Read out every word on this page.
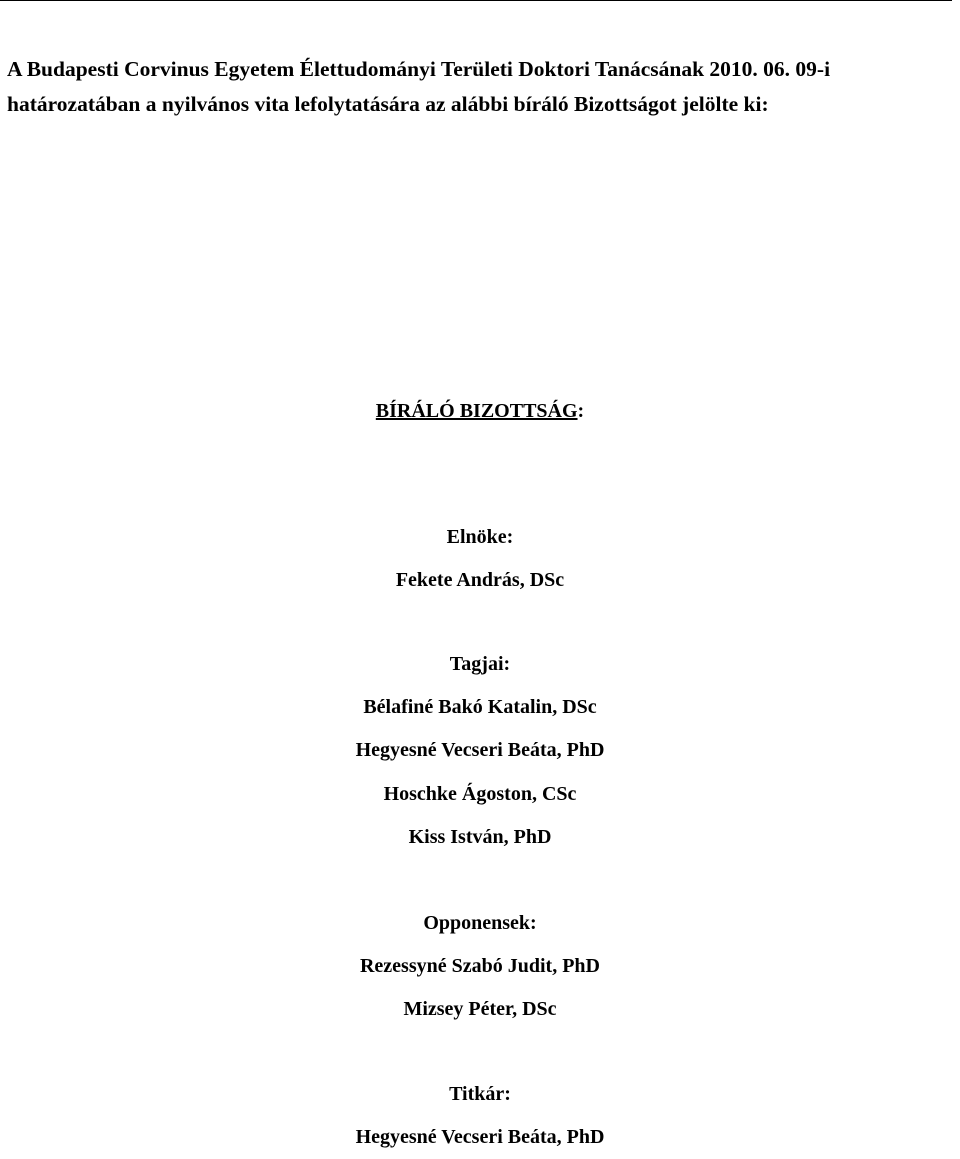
A Budapesti Corvinus Egyetem Élettudományi Területi Doktori Tanácsának 2010. 06. 09-i
határozatában a nyilvános vita lefolytatására az alábbi bíráló Bizottságot jelölte ki:

BÍRÁLÓ BIZOTTSÁG:

Elnöke:

Fekete András, DSc

Tagjai:

Bélafiné Bakó Katalin, DSc

Hegyesné Vecseri Beáta, PhD

Hoschke Ágoston, CSc

Kiss István, PhD

Opponensek:

Rezessyné Szabó Judit, PhD

Mizsey Péter, DSc

Titkár:

Hegyesné Vecseri Beáta, PhD
